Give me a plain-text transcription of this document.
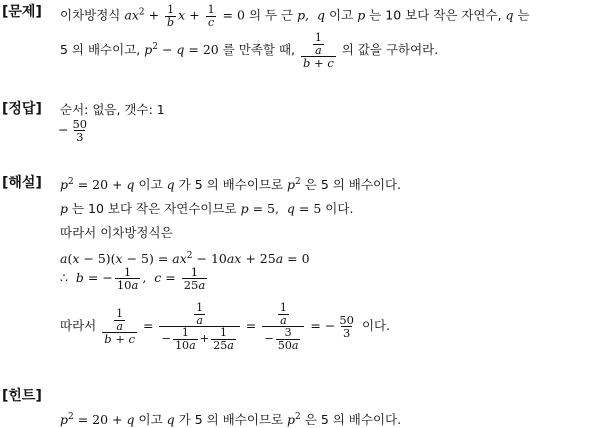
[문제]
[정답]
[해설]
[힌트]
이차방정식 $ax^2 + \frac{1}{b}$ $x + \frac{1}{c} = 0$ 의 두 근 p,  q 이고 p 는 10 보다 작은 자연수, q 는
5 의 배수이고, $p^2 - q = 20$ 를 만족할 때, $\frac{\frac{1}{a}}{b + c}$ 의 값을 구하여라.
순서: 없음, 갯수: 1
− $\frac{50}{3}$
$p^2 = 20 + q$ 이고 q 가 5 의 배수이므로 $p^2$ 은 5 의 배수이다.
p 는 10 보다 작은 자연수이므로 p = 5,  q = 5 이다.
따라서 이차방정식은
$a(x - 5)(x - 5) = ax^2 - 10ax + 25a = 0$
∴  b = − $\frac{1}{10a}$ ,  $c = \frac{1}{25a}$
따라서 $\frac{\frac{1}{a}}{b + c} = \frac{\frac{1}{a}}{- \frac{1}{10a} + \frac{1}{25a}} = \frac{\frac{1}{a}}{- \frac{3}{50a}}$ = − $\frac{50}{3}$ 이다.
$p^2 = 20 + q$ 이고 q 가 5 의 배수이므로 $p^2$ 은 5 의 배수이다.
